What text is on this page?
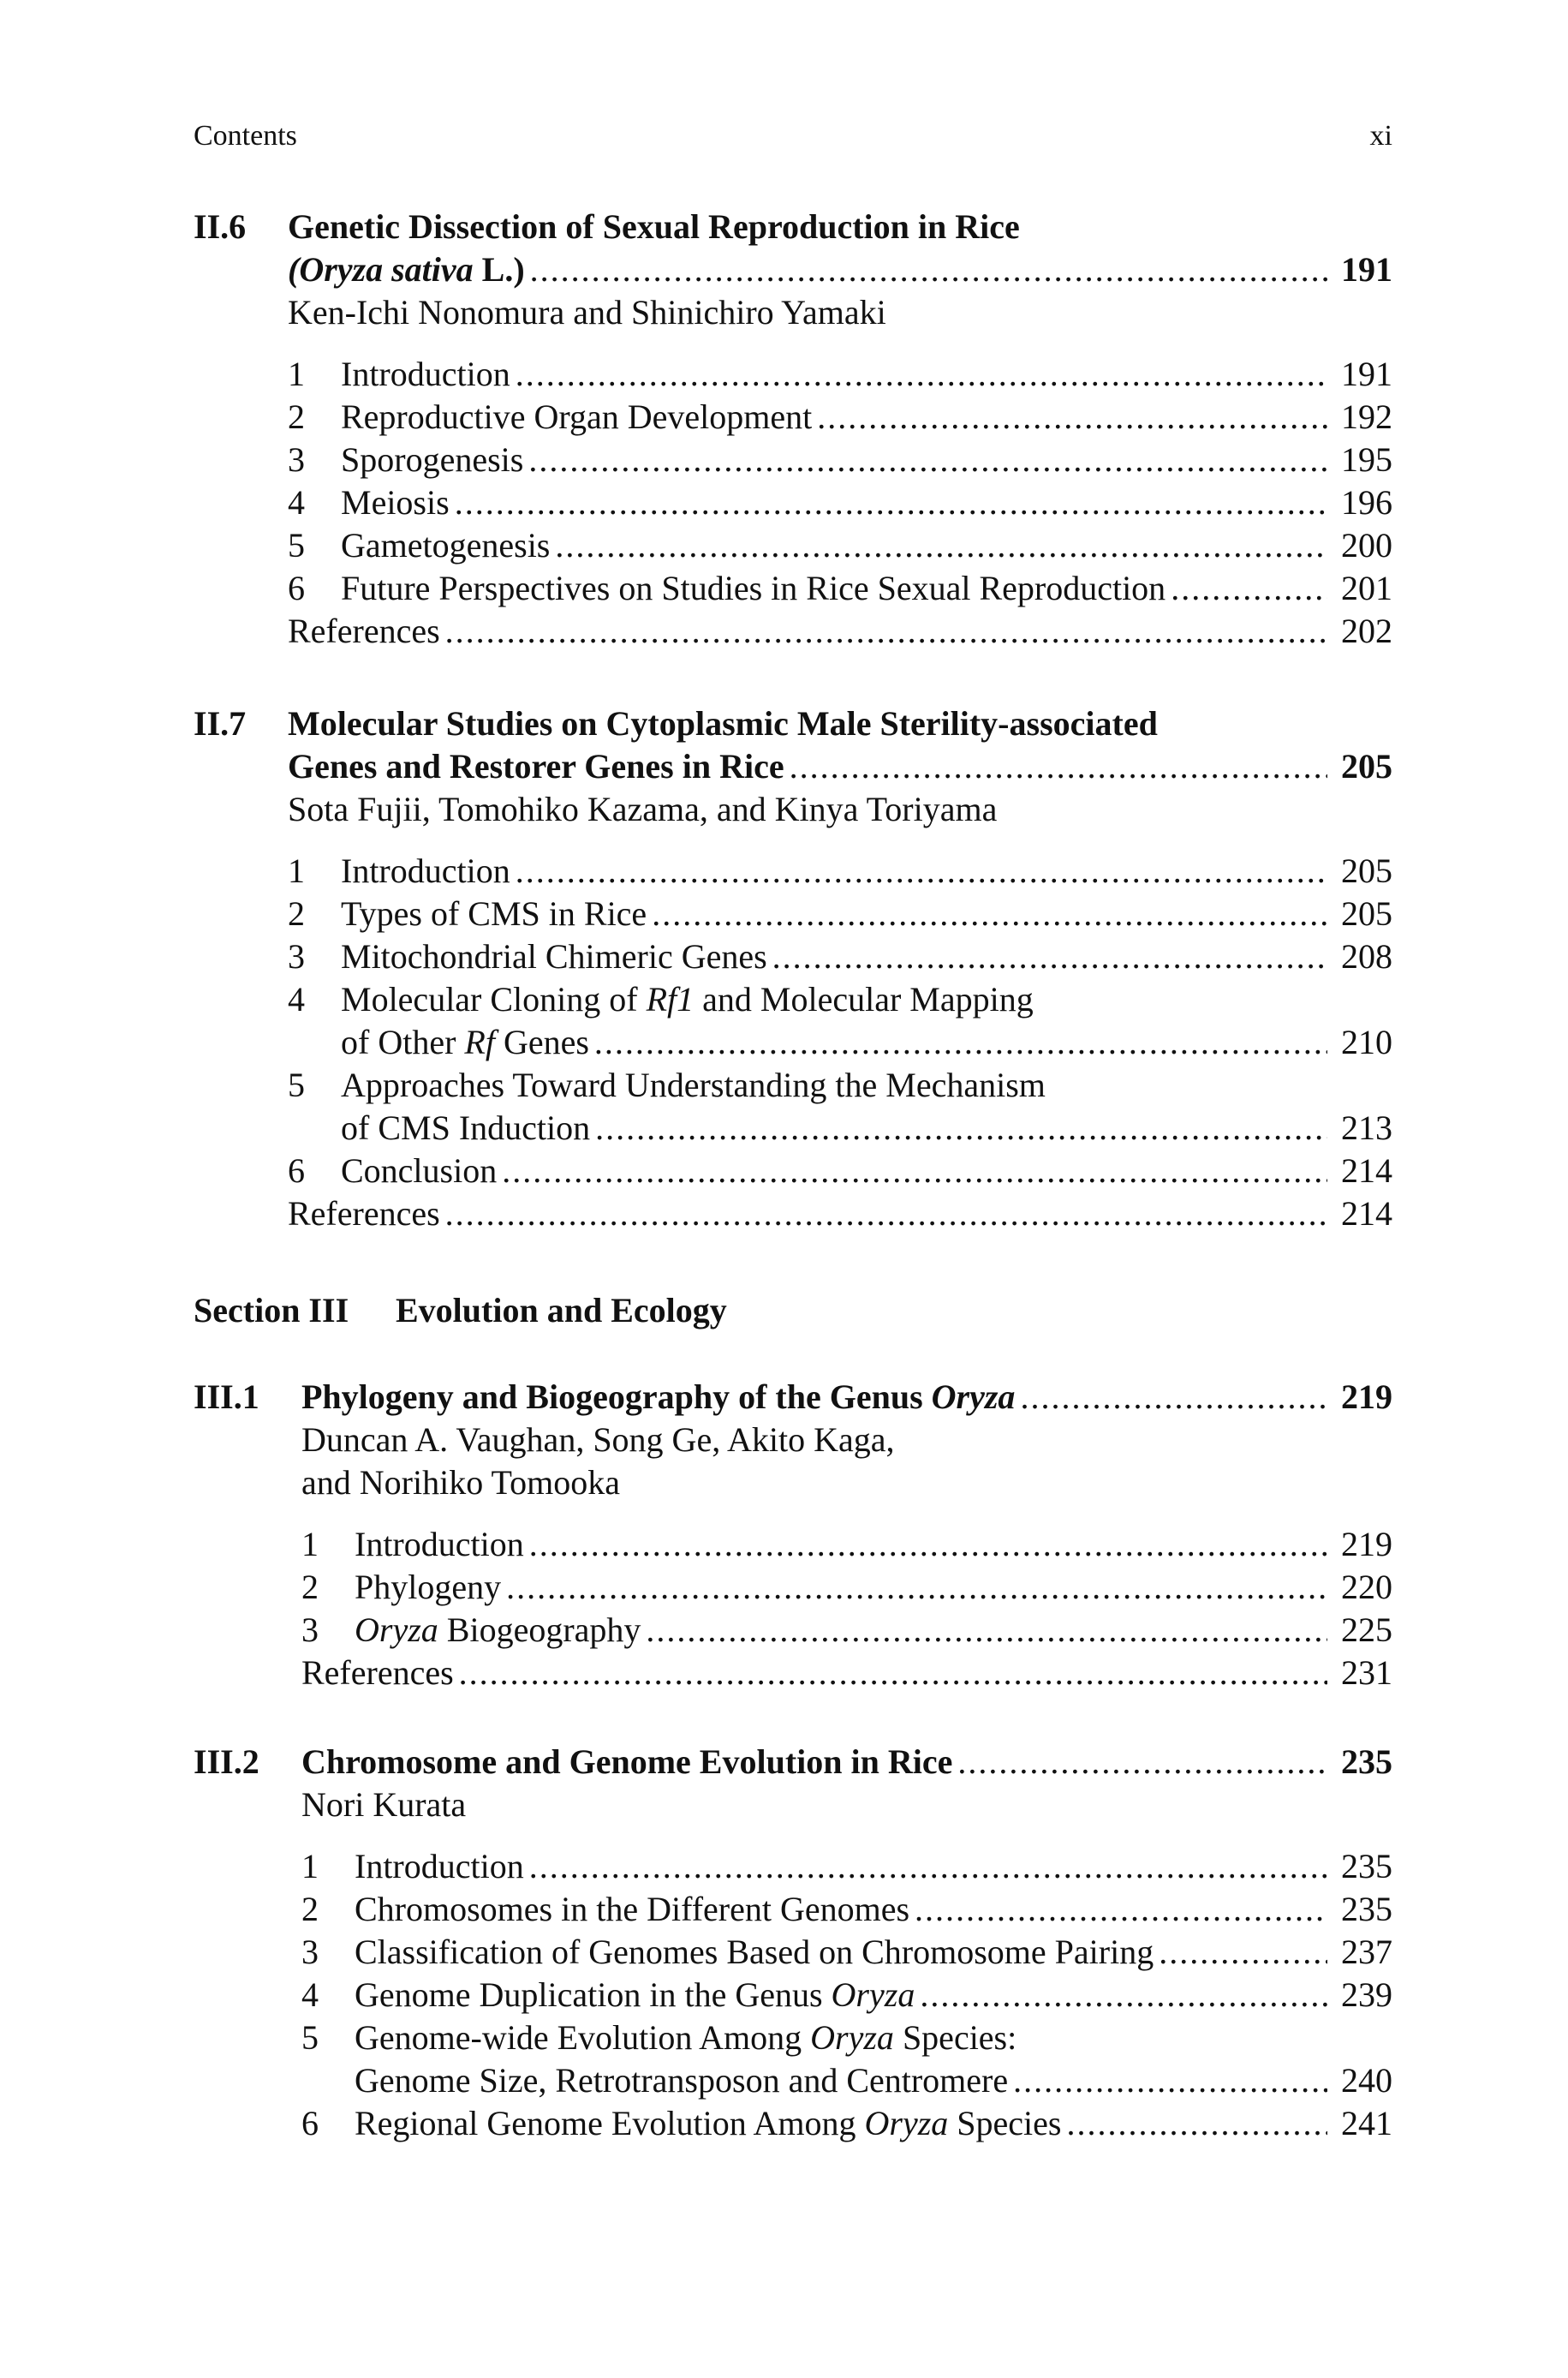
Contents	xi
II.6 Genetic Dissection of Sexual Reproduction in Rice
(Oryza sativa L.) .....	191
Ken-Ichi Nonomura and Shinichiro Yamaki
1 Introduction .....	191
2 Reproductive Organ Development .....	192
3 Sporogenesis .....	195
4 Meiosis .....	196
5 Gametogenesis .....	200
6 Future Perspectives on Studies in Rice Sexual Reproduction .....	201
References .....	202
II.7 Molecular Studies on Cytoplasmic Male Sterility-associated
Genes and Restorer Genes in Rice .....	205
Sota Fujii, Tomohiko Kazama, and Kinya Toriyama
1 Introduction .....	205
2 Types of CMS in Rice .....	205
3 Mitochondrial Chimeric Genes .....	208
4 Molecular Cloning of Rf1 and Molecular Mapping
of Other Rf Genes .....	210
5 Approaches Toward Understanding the Mechanism
of CMS Induction .....	213
6 Conclusion .....	214
References .....	214
Section III Evolution and Ecology
III.1 Phylogeny and Biogeography of the Genus Oryza .....	219
Duncan A. Vaughan, Song Ge, Akito Kaga,
and Norihiko Tomooka
1 Introduction .....	219
2 Phylogeny .....	220
3 Oryza Biogeography .....	225
References .....	231
III.2 Chromosome and Genome Evolution in Rice .....	235
Nori Kurata
1 Introduction .....	235
2 Chromosomes in the Different Genomes .....	235
3 Classification of Genomes Based on Chromosome Pairing .....	237
4 Genome Duplication in the Genus Oryza .....	239
5 Genome-wide Evolution Among Oryza Species:
Genome Size, Retrotransposon and Centromere .....	240
6 Regional Genome Evolution Among Oryza Species .....	241
